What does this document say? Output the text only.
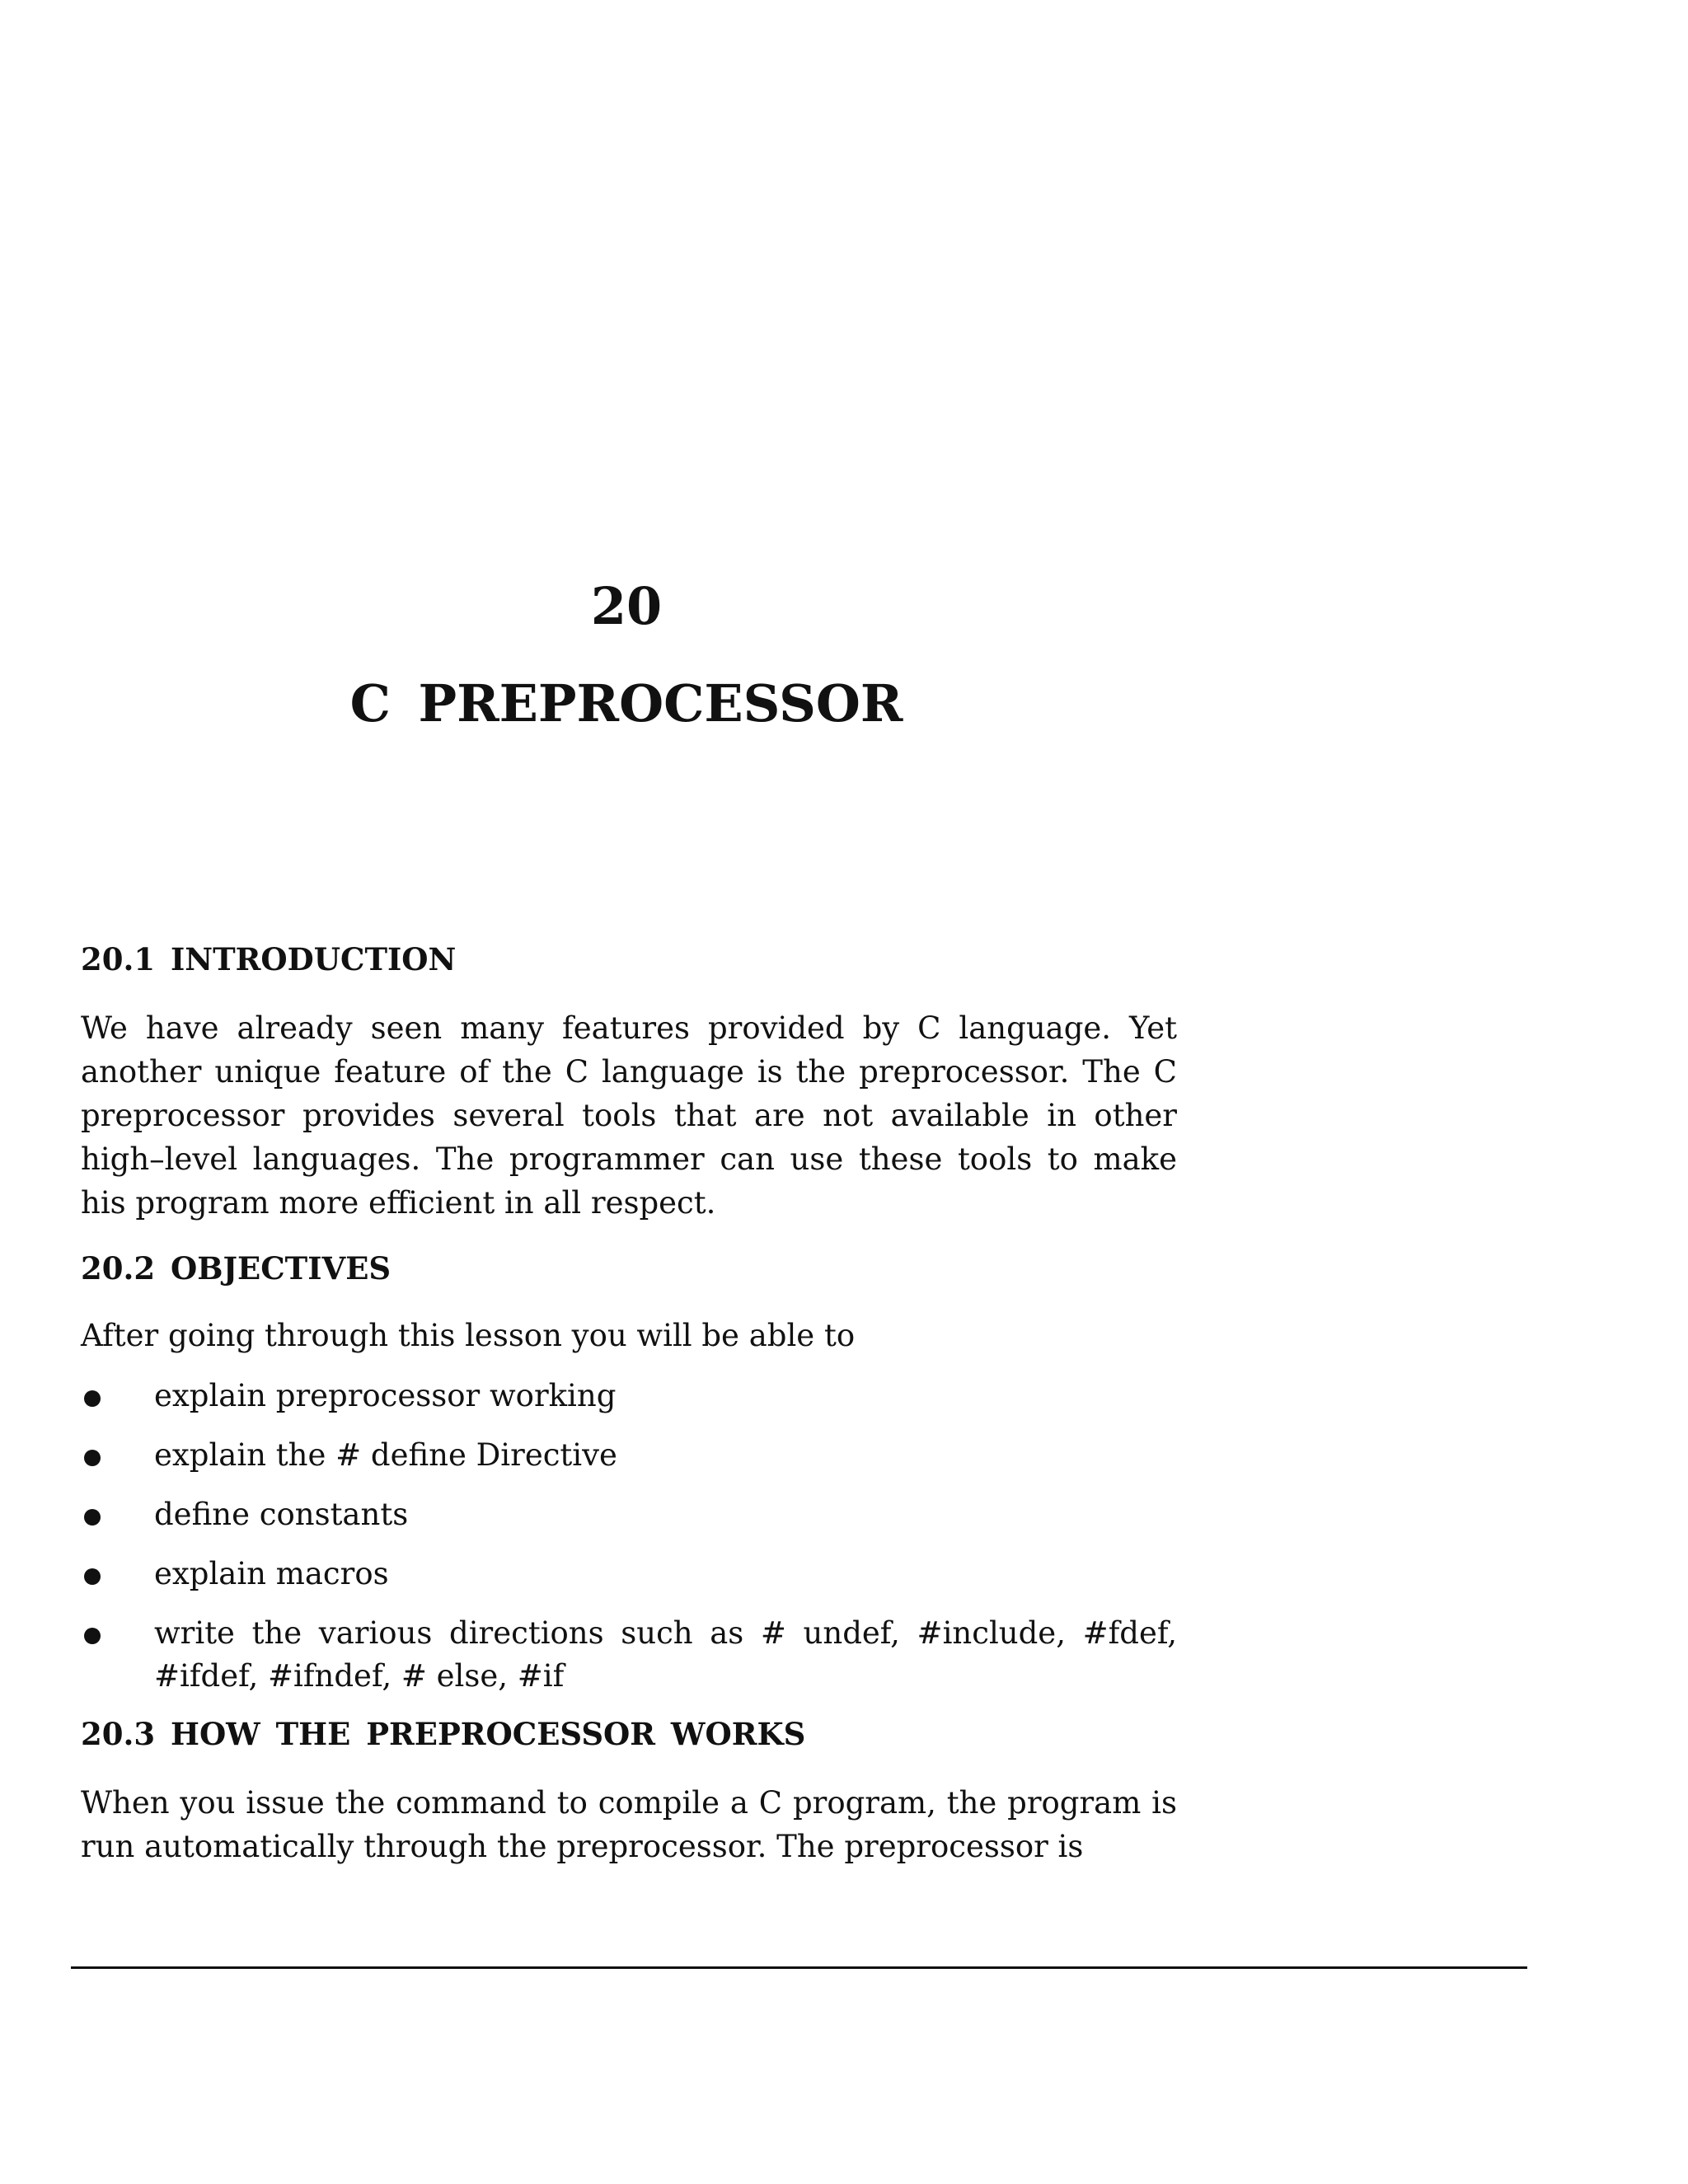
20
C PREPROCESSOR
20.1 INTRODUCTION

We have already seen many features provided by C language. Yet another unique feature of the C language is the preprocessor. The C preprocessor provides several tools that are not available in other high–level languages. The programmer can use these tools to make his program more efficient in all respect.

20.2 OBJECTIVES

After going through this lesson you will be able to

explain preprocessor working
explain the # define Directive
define constants
explain macros
write the various directions such as # undef, #include, #fdef, #ifdef, #ifndef, # else, #if
20.3 HOW THE PREPROCESSOR WORKS

When you issue the command to compile a C program, the program is run automatically through the preprocessor. The preprocessor is
